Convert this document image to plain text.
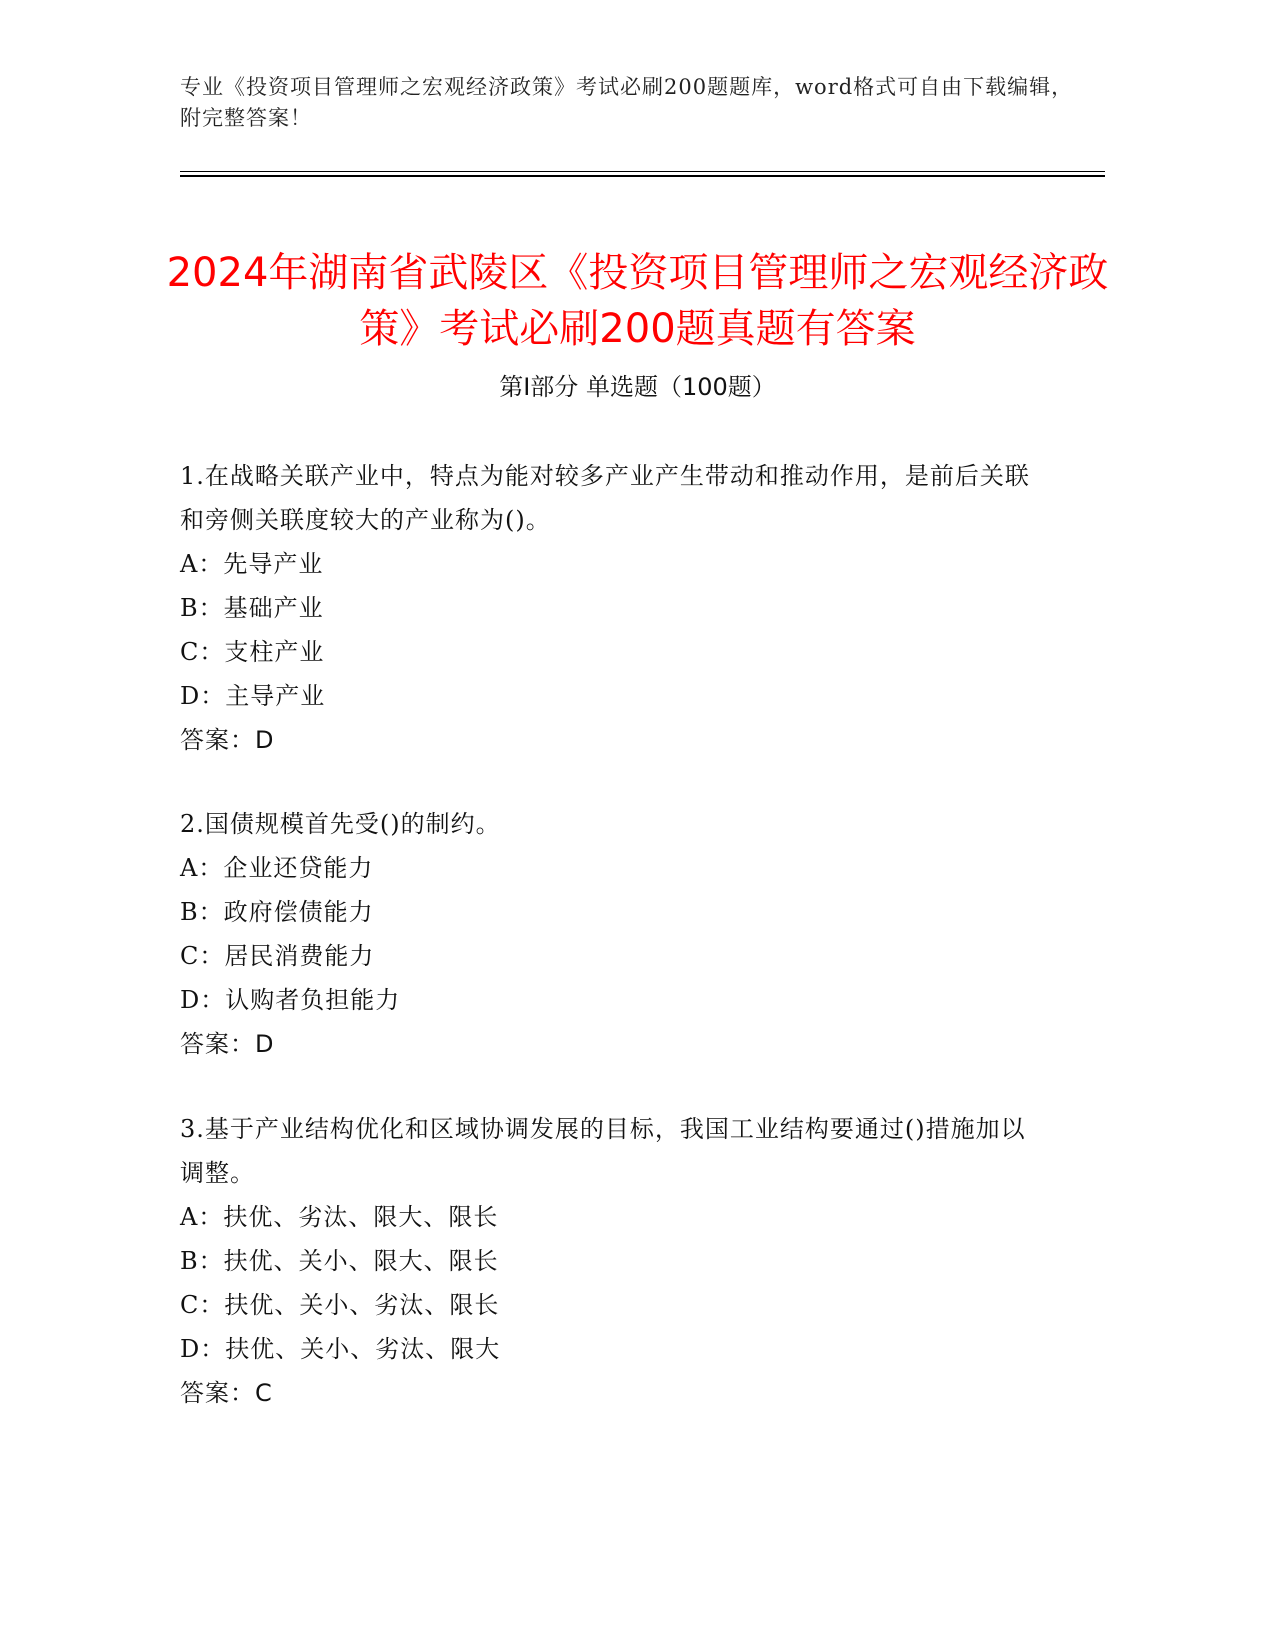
专业《投资项目管理师之宏观经济政策》考试必刷200题题库，word格式可自由下载编辑，附完整答案！
2024年湖南省武陵区《投资项目管理师之宏观经济政策》考试必刷200题真题有答案
第Ⅰ部分 单选题（100题）
1.在战略关联产业中，特点为能对较多产业产生带动和推动作用，是前后关联和旁侧关联度较大的产业称为()。
A：先导产业
B：基础产业
C：支柱产业
D：主导产业
答案：D
2.国债规模首先受()的制约。
A：企业还贷能力
B：政府偿债能力
C：居民消费能力
D：认购者负担能力
答案：D
3.基于产业结构优化和区域协调发展的目标，我国工业结构要通过()措施加以调整。
A：扶优、劣汰、限大、限长
B：扶优、关小、限大、限长
C：扶优、关小、劣汰、限长
D：扶优、关小、劣汰、限大
答案：C
